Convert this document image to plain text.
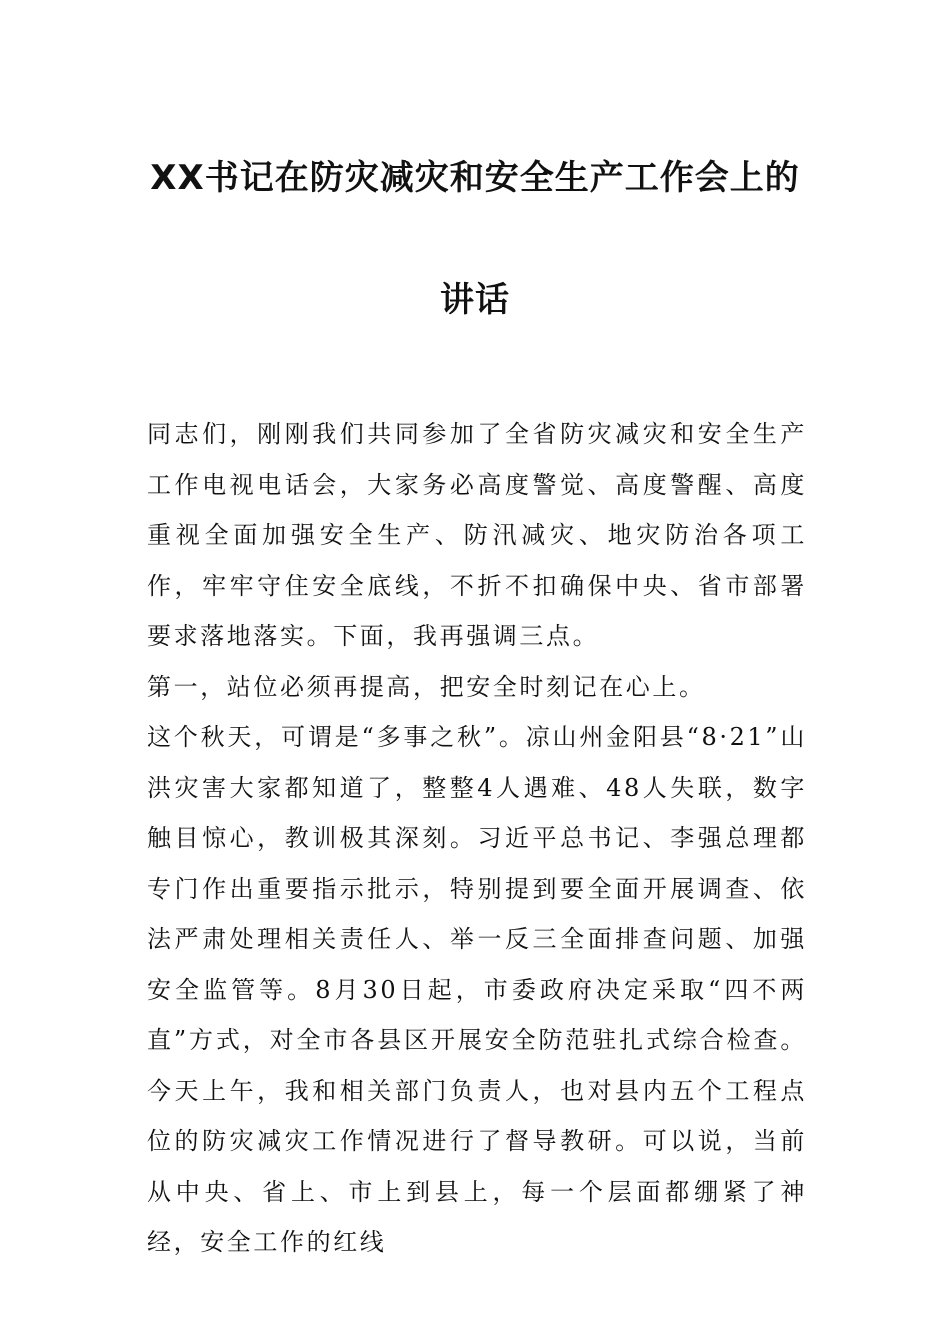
XX书记在防灾减灾和安全生产工作会上的
讲话

同志们，刚刚我们共同参加了全省防灾减灾和安全生产工作电视电话会，大家务必高度警觉、高度警醒、高度重视全面加强安全生产、防汛减灾、地灾防治各项工作，牢牢守住安全底线，不折不扣确保中央、省市部署要求落地落实。下面，我再强调三点。

第一，站位必须再提高，把安全时刻记在心上。

这个秋天，可谓是“多事之秋”。凉山州金阳县“8·21”山洪灾害大家都知道了，整整4人遇难、48人失联，数字触目惊心，教训极其深刻。习近平总书记、李强总理都专门作出重要指示批示，特别提到要全面开展调查、依法严肃处理相关责任人、举一反三全面排查问题、加强安全监管等。8月30日起，市委政府决定采取“四不两直”方式，对全市各县区开展安全防范驻扎式综合检查。今天上午，我和相关部门负责人，也对县内五个工程点位的防灾减灾工作情况进行了督导教研。可以说，当前从中央、省上、市上到县上，每一个层面都绷紧了神经，安全工作的红线
